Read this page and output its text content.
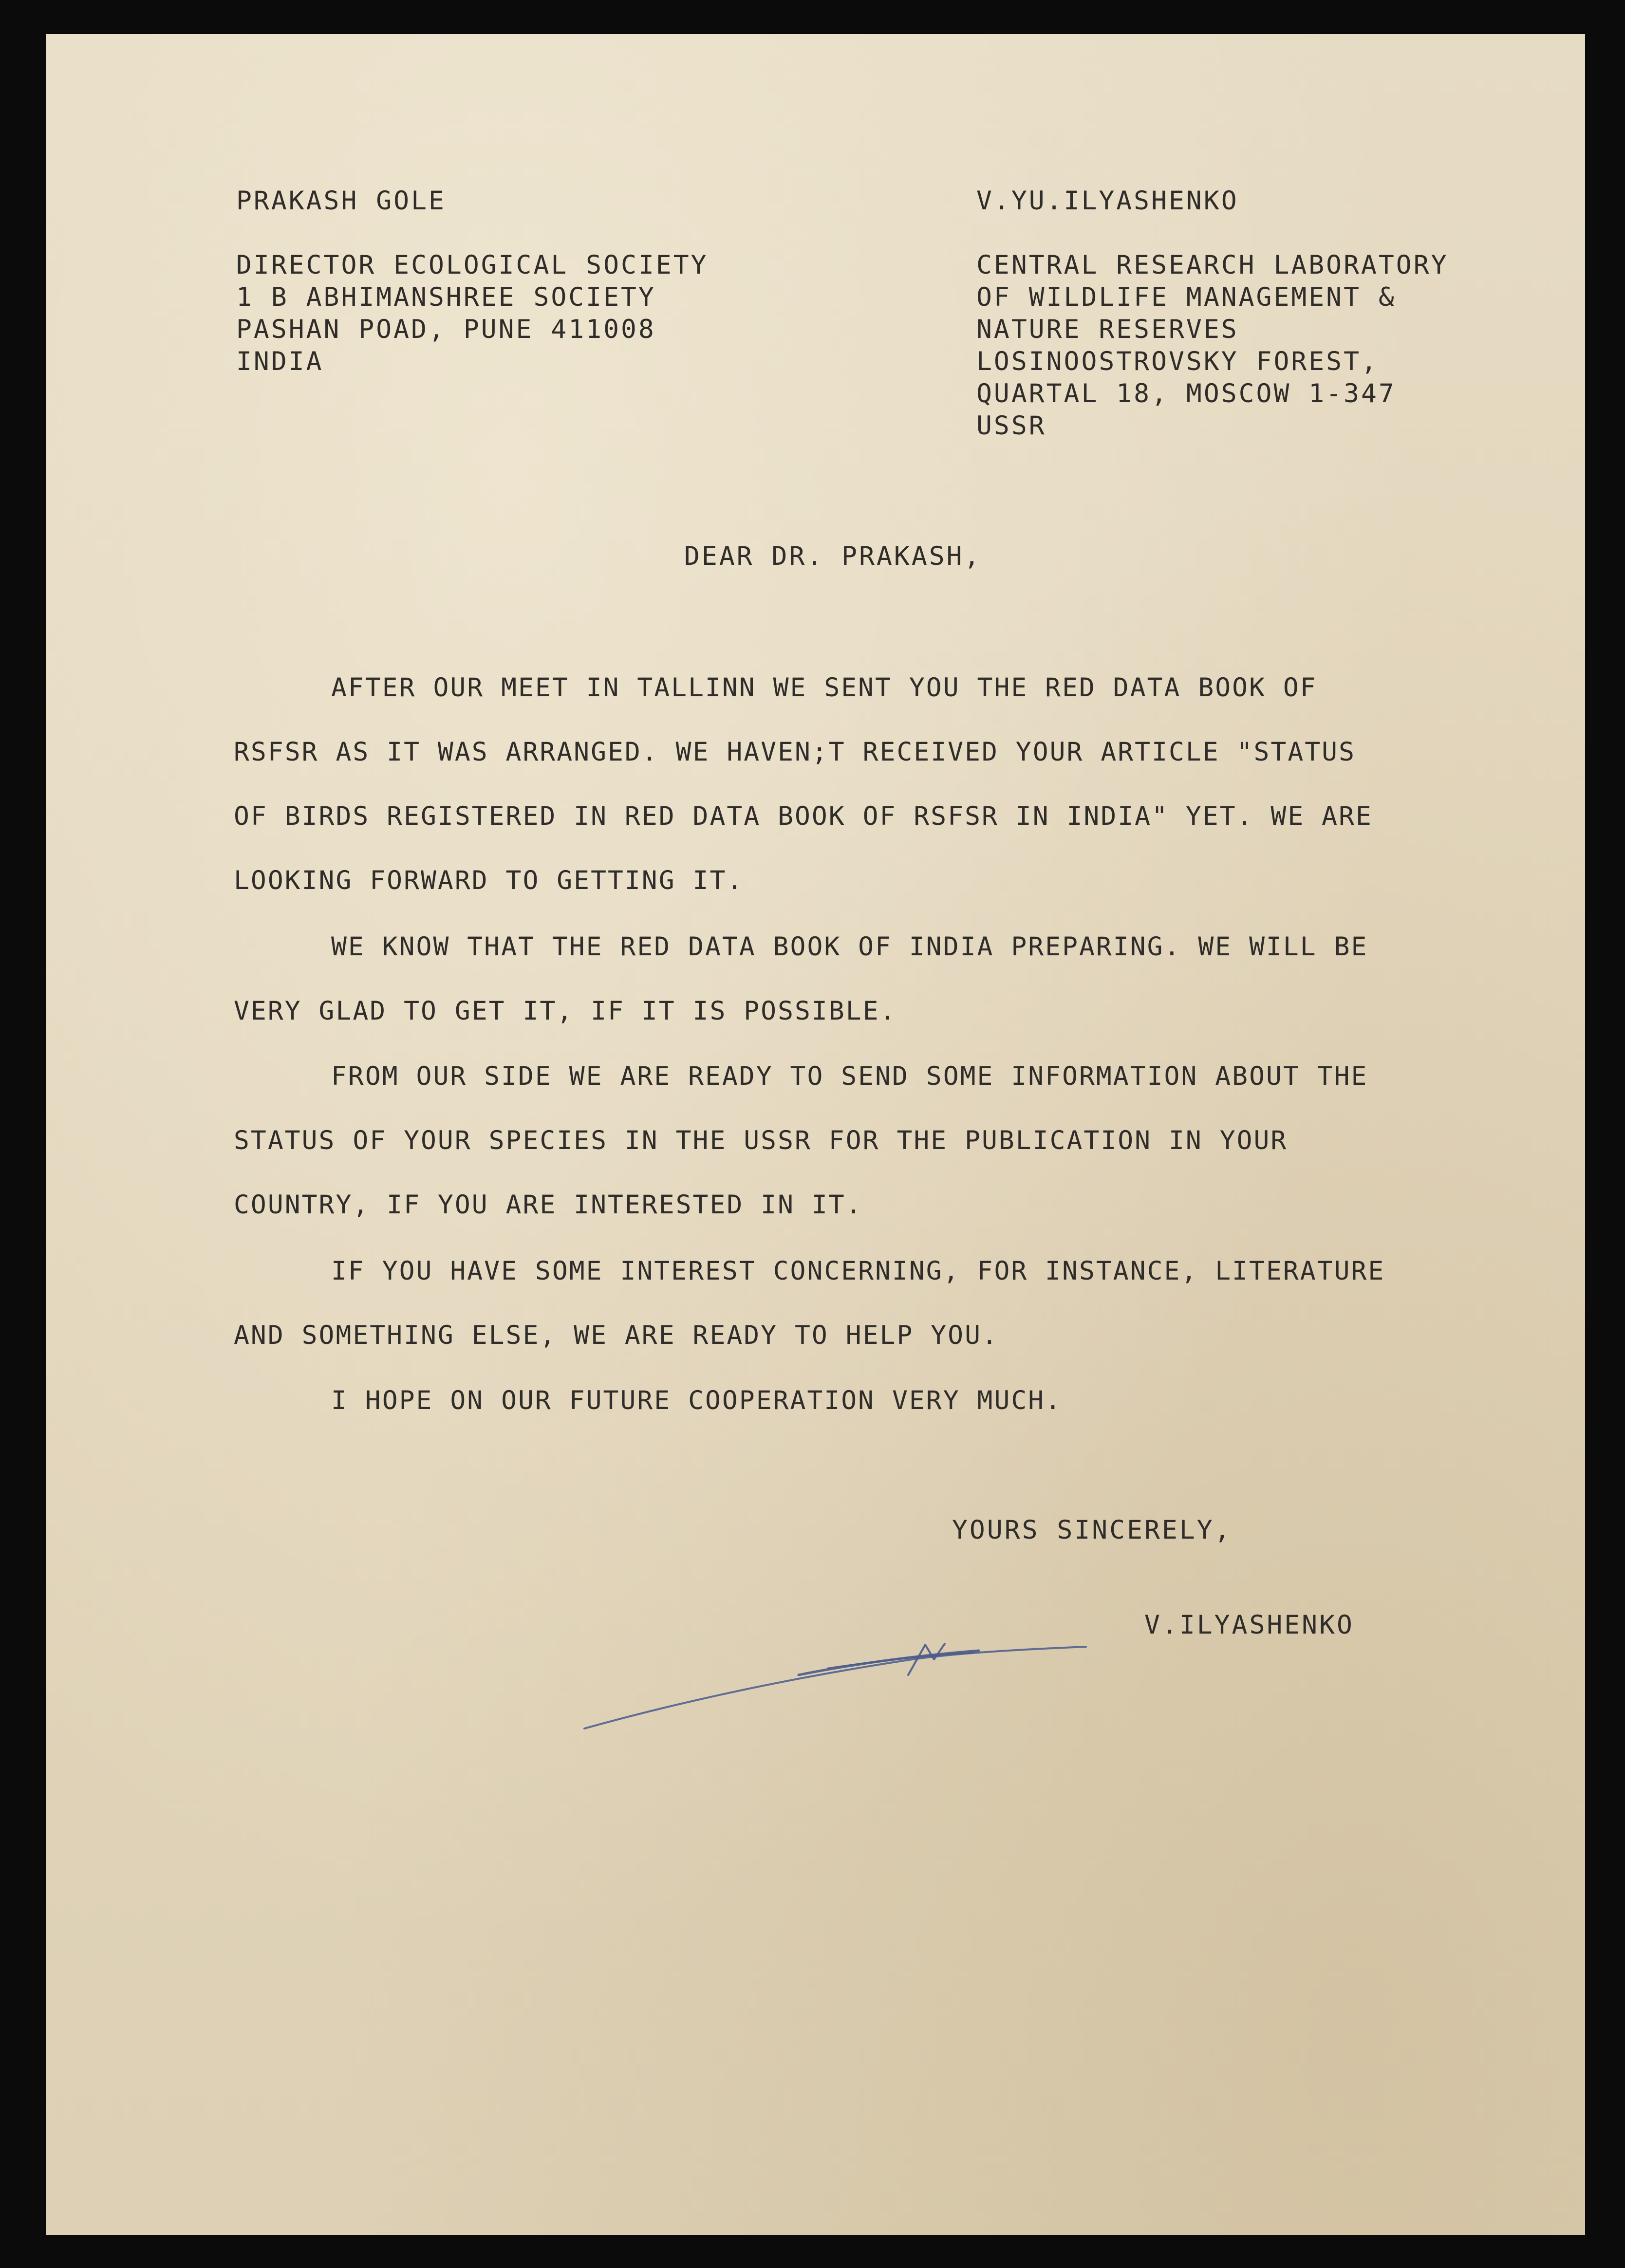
PRAKASH GOLE
DIRECTOR ECOLOGICAL SOCIETY
1 B ABHIMANSHREE SOCIETY
PASHAN POAD, PUNE 411008
INDIA
V.YU.ILYASHENKO
CENTRAL RESEARCH LABORATORY
OF WILDLIFE MANAGEMENT &
NATURE RESERVES
LOSINOOSTROVSKY FOREST,
QUARTAL 18, MOSCOW 1-347
USSR
DEAR DR. PRAKASH,
AFTER OUR MEET IN TALLINN WE SENT YOU THE RED DATA BOOK OF
RSFSR AS IT WAS ARRANGED. WE HAVEN;T RECEIVED YOUR ARTICLE "STATUS
OF BIRDS REGISTERED IN RED DATA BOOK OF RSFSR IN INDIA" YET. WE ARE
LOOKING FORWARD TO GETTING IT.
WE KNOW THAT THE RED DATA BOOK OF INDIA PREPARING. WE WILL BE
VERY GLAD TO GET IT, IF IT IS POSSIBLE.
FROM OUR SIDE WE ARE READY TO SEND SOME INFORMATION ABOUT THE
STATUS OF YOUR SPECIES IN THE USSR FOR THE PUBLICATION IN YOUR
COUNTRY, IF YOU ARE INTERESTED IN IT.
IF YOU HAVE SOME INTEREST CONCERNING, FOR INSTANCE, LITERATURE
AND SOMETHING ELSE, WE ARE READY TO HELP YOU.
I HOPE ON OUR FUTURE COOPERATION VERY MUCH.
YOURS SINCERELY,
V.ILYASHENKO
